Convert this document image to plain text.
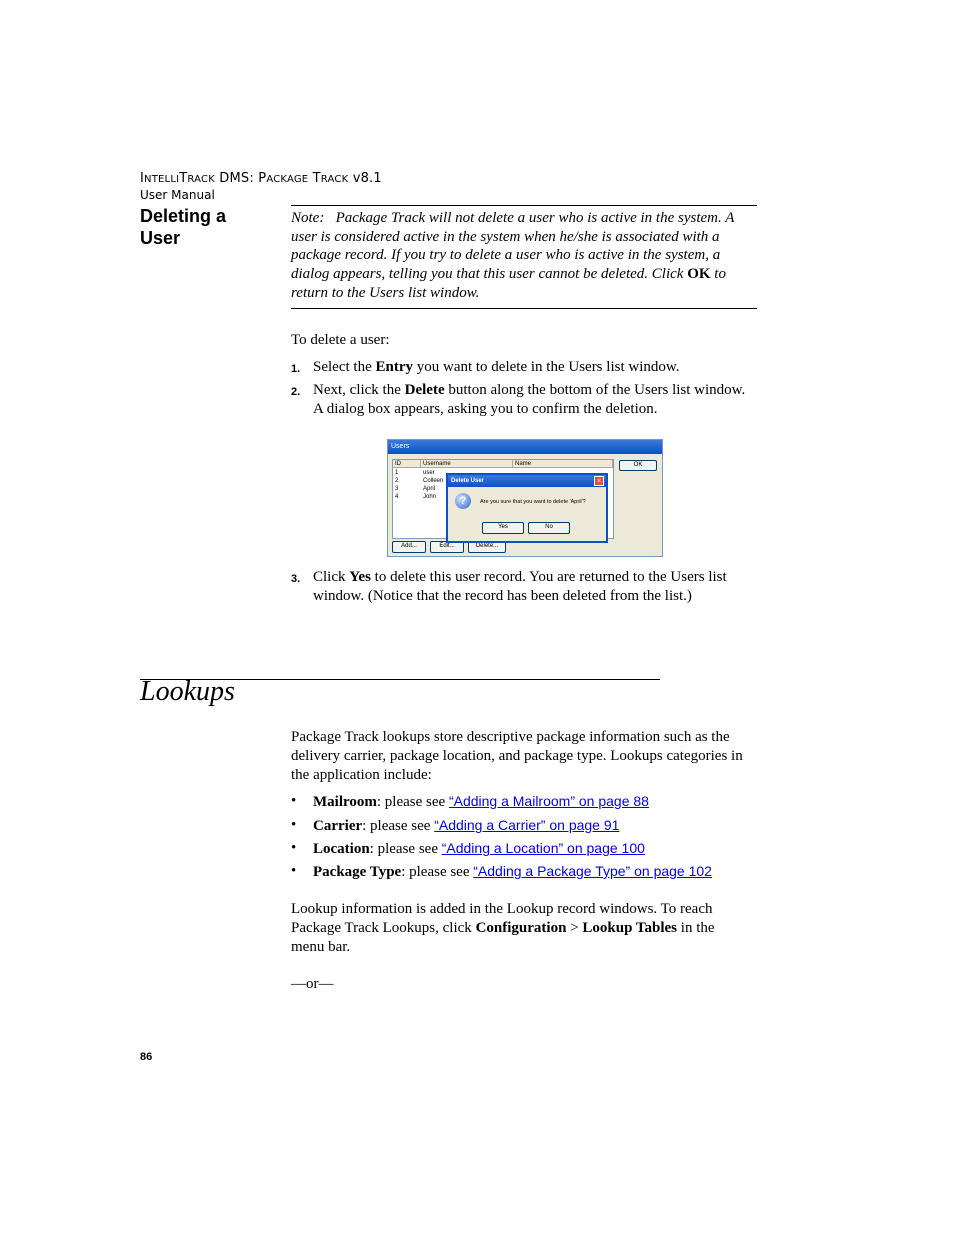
INTELLITRACK DMS: PACKAGE TRACK v8.1
User Manual
Deleting a
User

Note: Package Track will not delete a user who is active in the system. A user is considered active in the system when he/she is associated with a package record. If you try to delete a user who is active in the system, a dialog appears, telling you that this user cannot be deleted. Click OK to return to the Users list window.

To delete a user:
1. Select the Entry you want to delete in the Users list window.
2. Next, click the Delete button along the bottom of the Users list window.
A dialog box appears, asking you to confirm the deletion.
Users
ID	Username	Name
1	user
2	Colleen
3	April
4	John
OK
Add...	Edit...	Delete...
Delete User	×
?	Are you sure that you want to delete 'April'?
Yes	No
3. Click Yes to delete this user record. You are returned to the Users list
window. (Notice that the record has been deleted from the list.)
Lookups
Package Track lookups store descriptive package information such as the
delivery carrier, package location, and package type. Lookups categories in
the application include:
• Mailroom: please see “Adding a Mailroom” on page 88
• Carrier: please see “Adding a Carrier” on page 91
• Location: please see “Adding a Location” on page 100
• Package Type: please see “Adding a Package Type” on page 102
Lookup information is added in the Lookup record windows. To reach
Package Track Lookups, click Configuration > Lookup Tables in the
menu bar.
—or—
86
